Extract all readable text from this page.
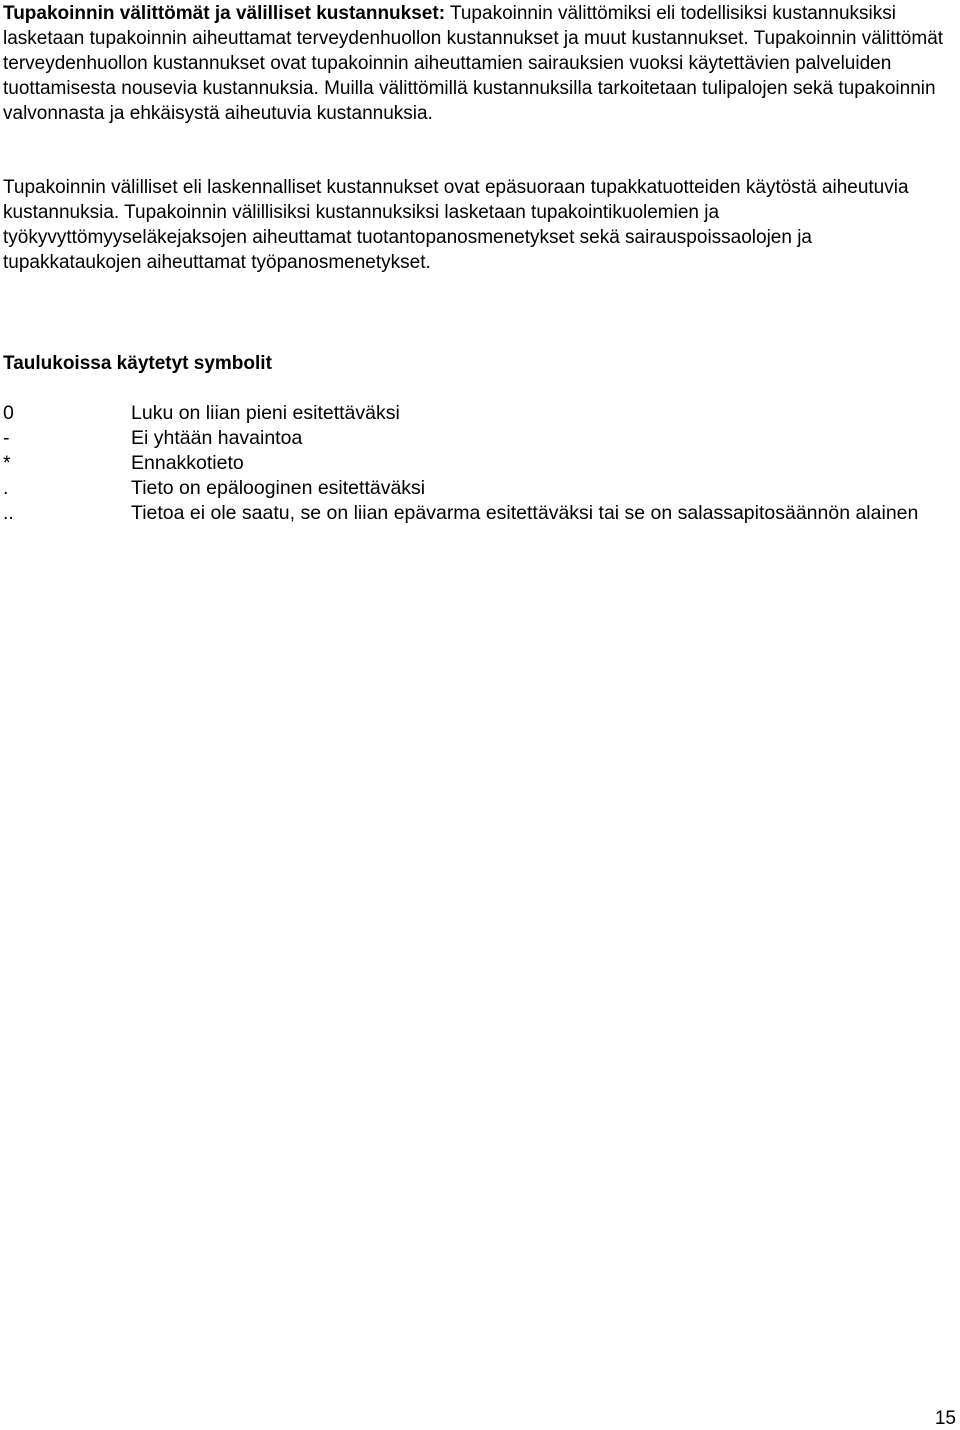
Tupakoinnin välittömät ja välilliset kustannukset: Tupakoinnin välittömiksi eli todellisiksi kustannuksiksi lasketaan tupakoinnin aiheuttamat terveydenhuollon kustannukset ja muut kustannukset. Tupakoinnin välittömät terveydenhuollon kustannukset ovat tupakoinnin aiheuttamien sairauksien vuoksi käytettävien palveluiden tuottamisesta nousevia kustannuksia. Muilla välittömillä kustannuksilla tarkoitetaan tulipalojen sekä tupakoinnin valvonnasta ja ehkäisystä aiheutuvia kustannuksia.

Tupakoinnin välilliset eli laskennalliset kustannukset ovat epäsuoraan tupakkatuotteiden käytöstä aiheutuvia kustannuksia. Tupakoinnin välillisiksi kustannuksiksi lasketaan tupakointikuolemien ja työkyvyttömyyseläkejaksojen aiheuttamat tuotantopanosmenetykset sekä sairauspoissaolojen ja tupakkataukojen aiheuttamat työpanosmenetykset.

Taulukoissa käytetyt symbolit
0	Luku on liian pieni esitettäväksi
-	Ei yhtään havaintoa
*	Ennakkotieto
.	Tieto on epälooginen esitettäväksi
..	Tietoa ei ole saatu, se on liian epävarma esitettäväksi tai se on salassapitosäännön alainen
15
